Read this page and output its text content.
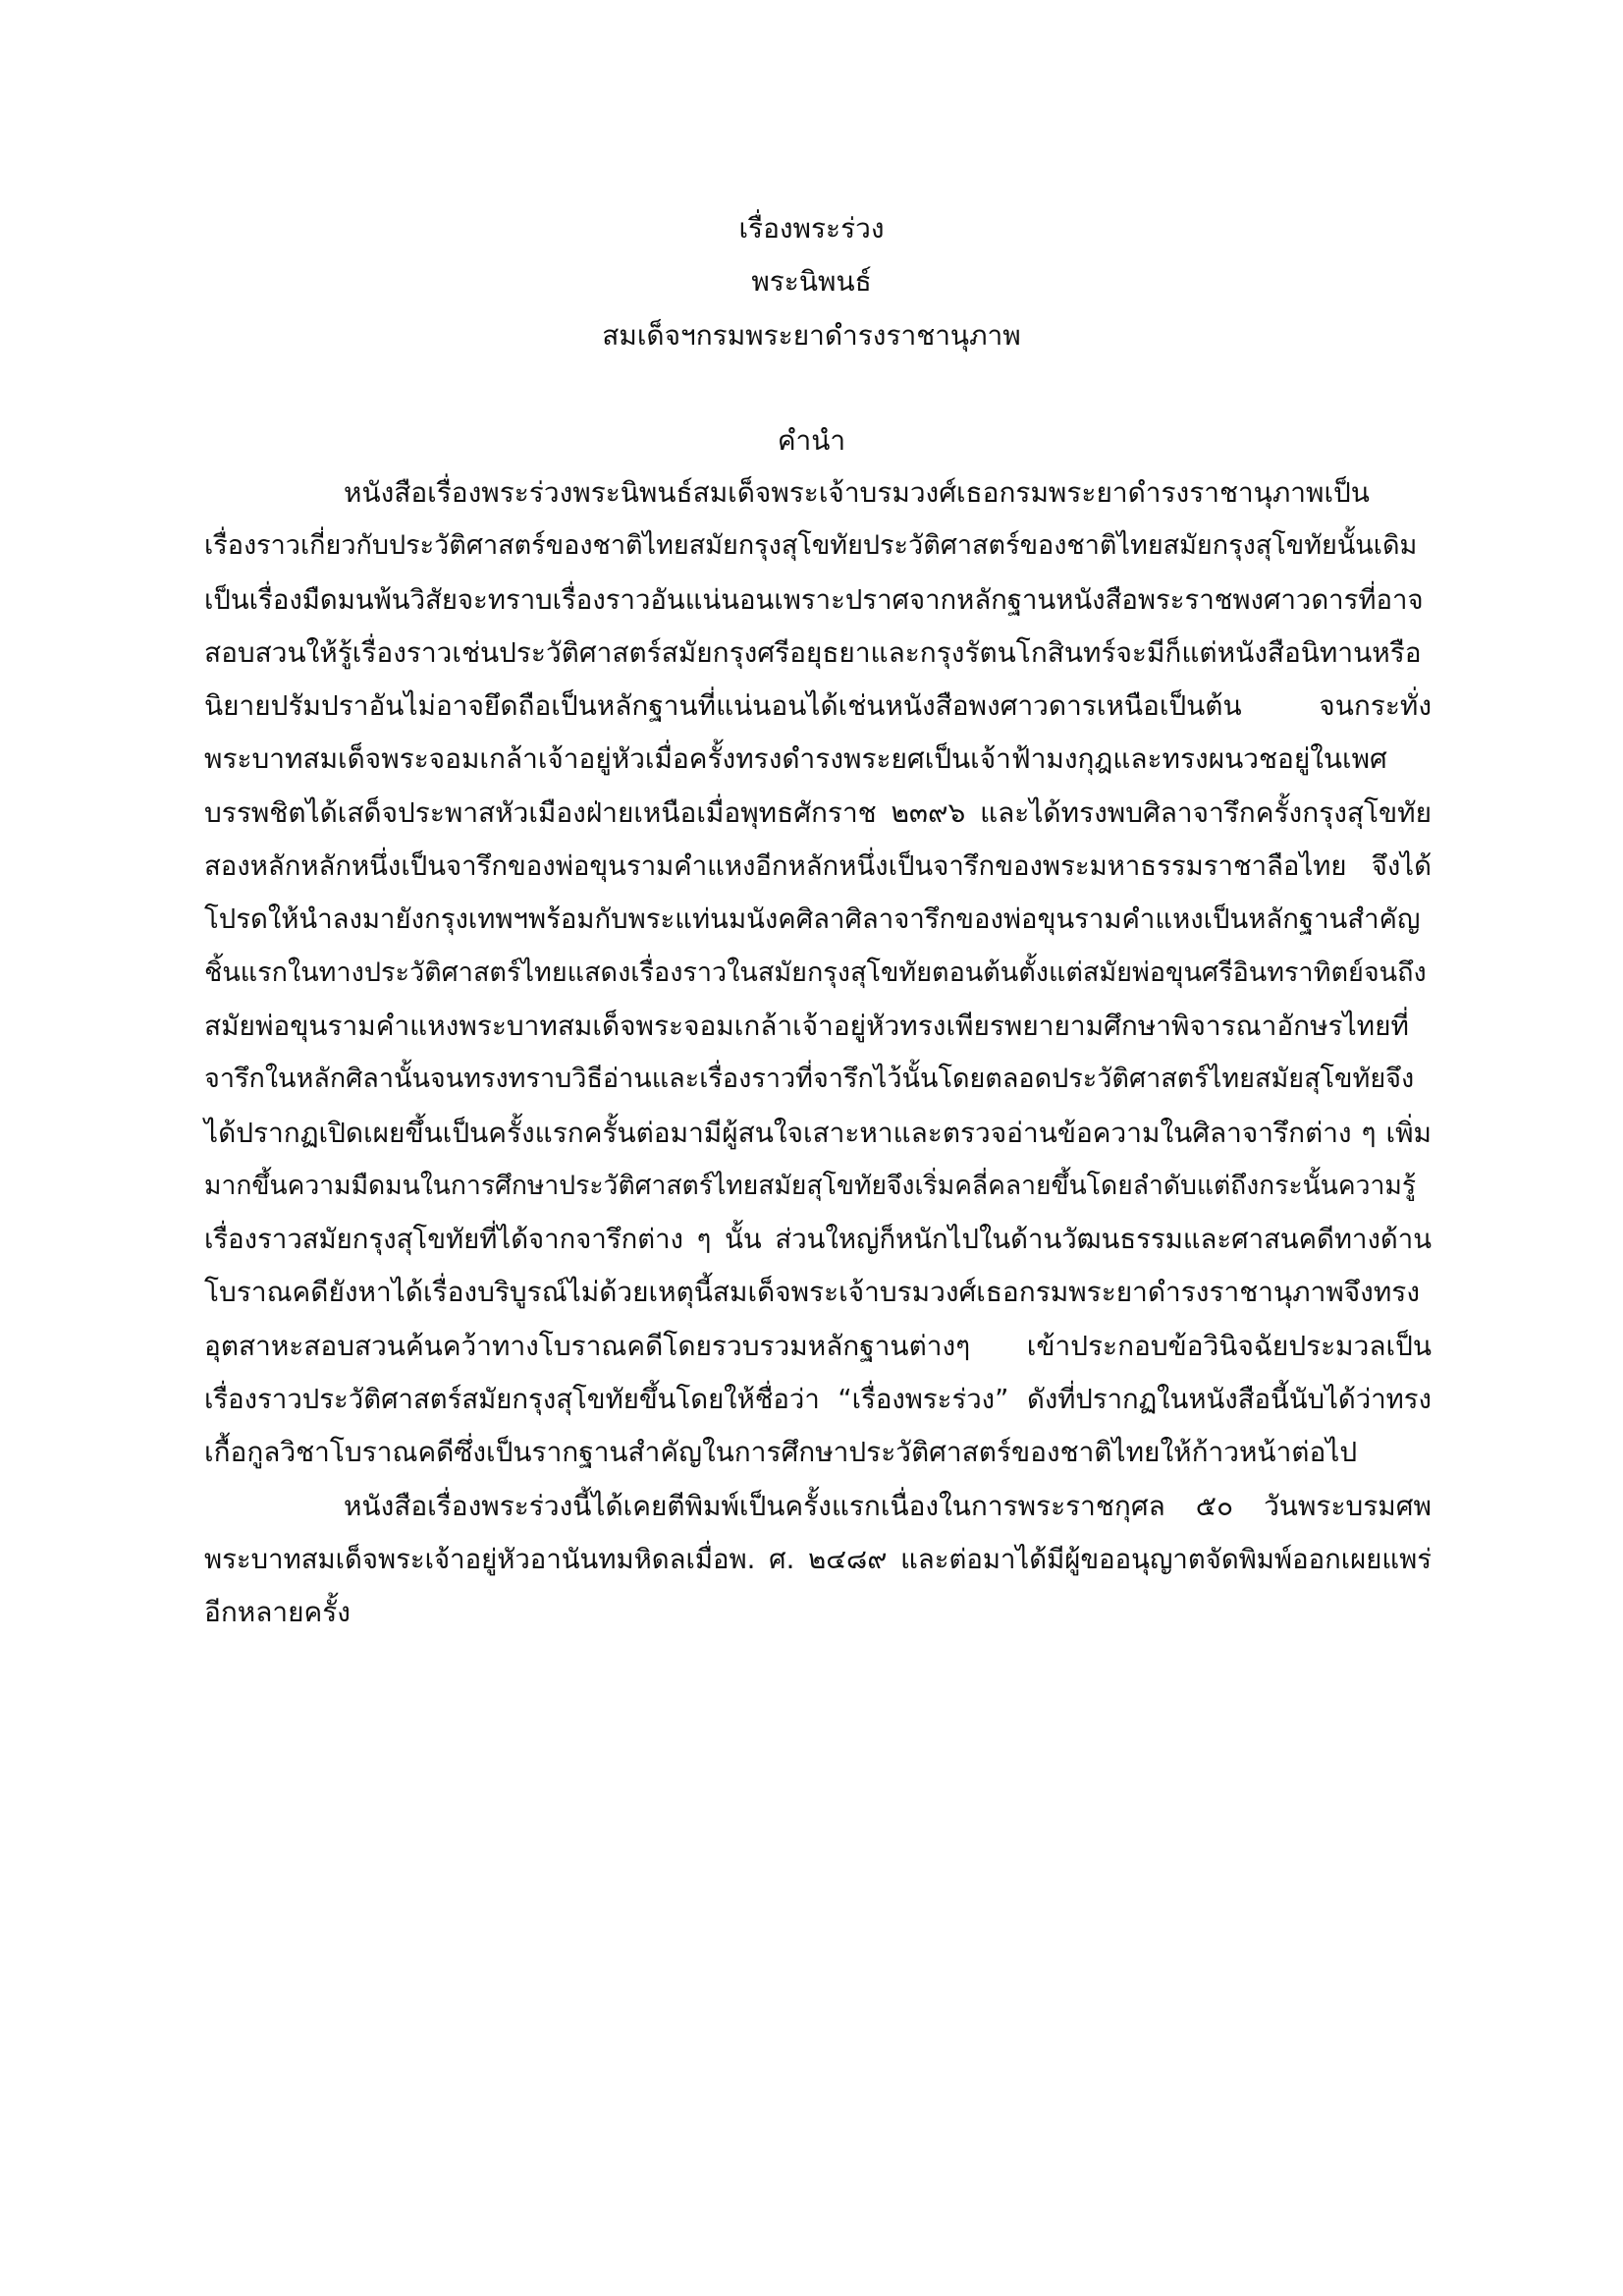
เรื่องพระร่วง
พระนิพนธ์
สมเด็จฯกรมพระยาดำรงราชานุภาพ
คำนำ
หนังสือเรื่องพระร่วงพระนิพนธ์สมเด็จพระเจ้าบรมวงศ์เธอกรมพระยาดำรงราชานุภาพเป็น
เรื่องราวเกี่ยวกับประวัติศาสตร์ของชาติไทยสมัยกรุงสุโขทัยประวัติศาสตร์ของชาติไทยสมัยกรุงสุโขทัยนั้นเดิม
เป็นเรื่องมืดมนพ้นวิสัยจะทราบเรื่องราวอันแน่นอนเพราะปราศจากหลักฐานหนังสือพระราชพงศาวดารที่อาจ
สอบสวนให้รู้เรื่องราวเช่นประวัติศาสตร์สมัยกรุงศรีอยุธยาและกรุงรัตนโกสินทร์จะมีก็แต่หนังสือนิทานหรือ
นิยายปรัมปราอันไม่อาจยึดถือเป็นหลักฐานที่แน่นอนได้เช่นหนังสือพงศาวดารเหนือเป็นต้น จนกระทั่ง
พระบาทสมเด็จพระจอมเกล้าเจ้าอยู่หัวเมื่อครั้งทรงดำรงพระยศเป็นเจ้าฟ้ามงกุฎและทรงผนวชอยู่ในเพศ
บรรพชิตได้เสด็จประพาสหัวเมืองฝ่ายเหนือเมื่อพุทธศักราช ๒๓๙๖ และได้ทรงพบศิลาจารึกครั้งกรุงสุโขทัย
สองหลักหลักหนึ่งเป็นจารึกของพ่อขุนรามคำแหงอีกหลักหนึ่งเป็นจารึกของพระมหาธรรมราชาลือไทย จึงได้
โปรดให้นำลงมายังกรุงเทพฯพร้อมกับพระแท่นมนังคศิลาศิลาจารึกของพ่อขุนรามคำแหงเป็นหลักฐานสำคัญ
ชิ้นแรกในทางประวัติศาสตร์ไทยแสดงเรื่องราวในสมัยกรุงสุโขทัยตอนต้นตั้งแต่สมัยพ่อขุนศรีอินทราทิตย์จนถึง
สมัยพ่อขุนรามคำแหงพระบาทสมเด็จพระจอมเกล้าเจ้าอยู่หัวทรงเพียรพยายามศึกษาพิจารณาอักษรไทยที่
จารึกในหลักศิลานั้นจนทรงทราบวิธีอ่านและเรื่องราวที่จารึกไว้นั้นโดยตลอดประวัติศาสตร์ไทยสมัยสุโขทัยจึง
ได้ปรากฏเปิดเผยขึ้นเป็นครั้งแรกครั้นต่อมามีผู้สนใจเสาะหาและตรวจอ่านข้อความในศิลาจารึกต่าง ๆ เพิ่ม
มากขึ้นความมืดมนในการศึกษาประวัติศาสตร์ไทยสมัยสุโขทัยจึงเริ่มคลี่คลายขึ้นโดยลำดับแต่ถึงกระนั้นความรู้
เรื่องราวสมัยกรุงสุโขทัยที่ได้จากจารึกต่าง ๆ นั้น ส่วนใหญ่ก็หนักไปในด้านวัฒนธรรมและศาสนคดีทางด้าน
โบราณคดียังหาได้เรื่องบริบูรณ์ไม่ด้วยเหตุนี้สมเด็จพระเจ้าบรมวงศ์เธอกรมพระยาดำรงราชานุภาพจึงทรง
อุตสาหะสอบสวนค้นคว้าทางโบราณคดีโดยรวบรวมหลักฐานต่างๆ เข้าประกอบข้อวินิจฉัยประมวลเป็น
เรื่องราวประวัติศาสตร์สมัยกรุงสุโขทัยขึ้นโดยให้ชื่อว่า “เรื่องพระร่วง” ดังที่ปรากฏในหนังสือนี้นับได้ว่าทรง
เกื้อกูลวิชาโบราณคดีซึ่งเป็นรากฐานสำคัญในการศึกษาประวัติศาสตร์ของชาติไทยให้ก้าวหน้าต่อไป
หนังสือเรื่องพระร่วงนี้ได้เคยตีพิมพ์เป็นครั้งแรกเนื่องในการพระราชกุศล ๕๐ วันพระบรมศพ
พระบาทสมเด็จพระเจ้าอยู่หัวอานันทมหิดลเมื่อพ. ศ. ๒๔๘๙ และต่อมาได้มีผู้ขออนุญาตจัดพิมพ์ออกเผยแพร่
อีกหลายครั้ง
